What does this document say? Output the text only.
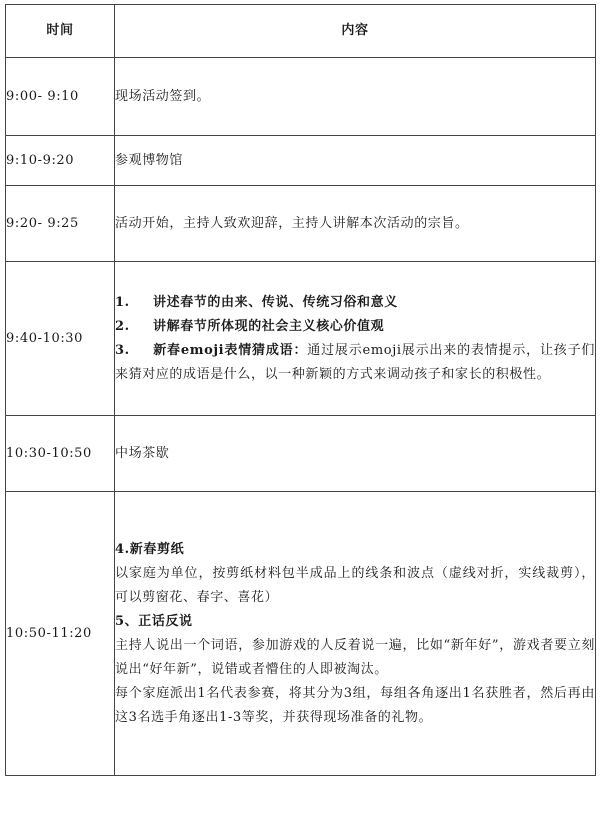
时间	内容
9:00- 9:10	现场活动签到。
9:10-9:20	参观博物馆
9:20- 9:25	活动开始，主持人致欢迎辞，主持人讲解本次活动的宗旨。
9:40-10:30	1. 讲述春节的由来、传说、传统习俗和意义
2. 讲解春节所体现的社会主义核心价值观
3. 新春emoji表情猜成语：通过展示emoji展示出来的表情提示，让孩子们来猜对应的成语是什么，以一种新颖的方式来调动孩子和家长的积极性。

10:30-10:50	中场茶歇
10:50-11:20	4.新春剪纸
以家庭为单位，按剪纸材料包半成品上的线条和波点（虚线对折，实线裁剪），可以剪窗花、春字、喜花）
5、正话反说
主持人说出一个词语，参加游戏的人反着说一遍，比如“新年好”，游戏者要立刻说出“好年新”，说错或者懵住的人即被淘汰。
每个家庭派出1名代表参赛，将其分为3组，每组各角逐出1名获胜者，然后再由这3名选手角逐出1-3等奖，并获得现场准备的礼物。
